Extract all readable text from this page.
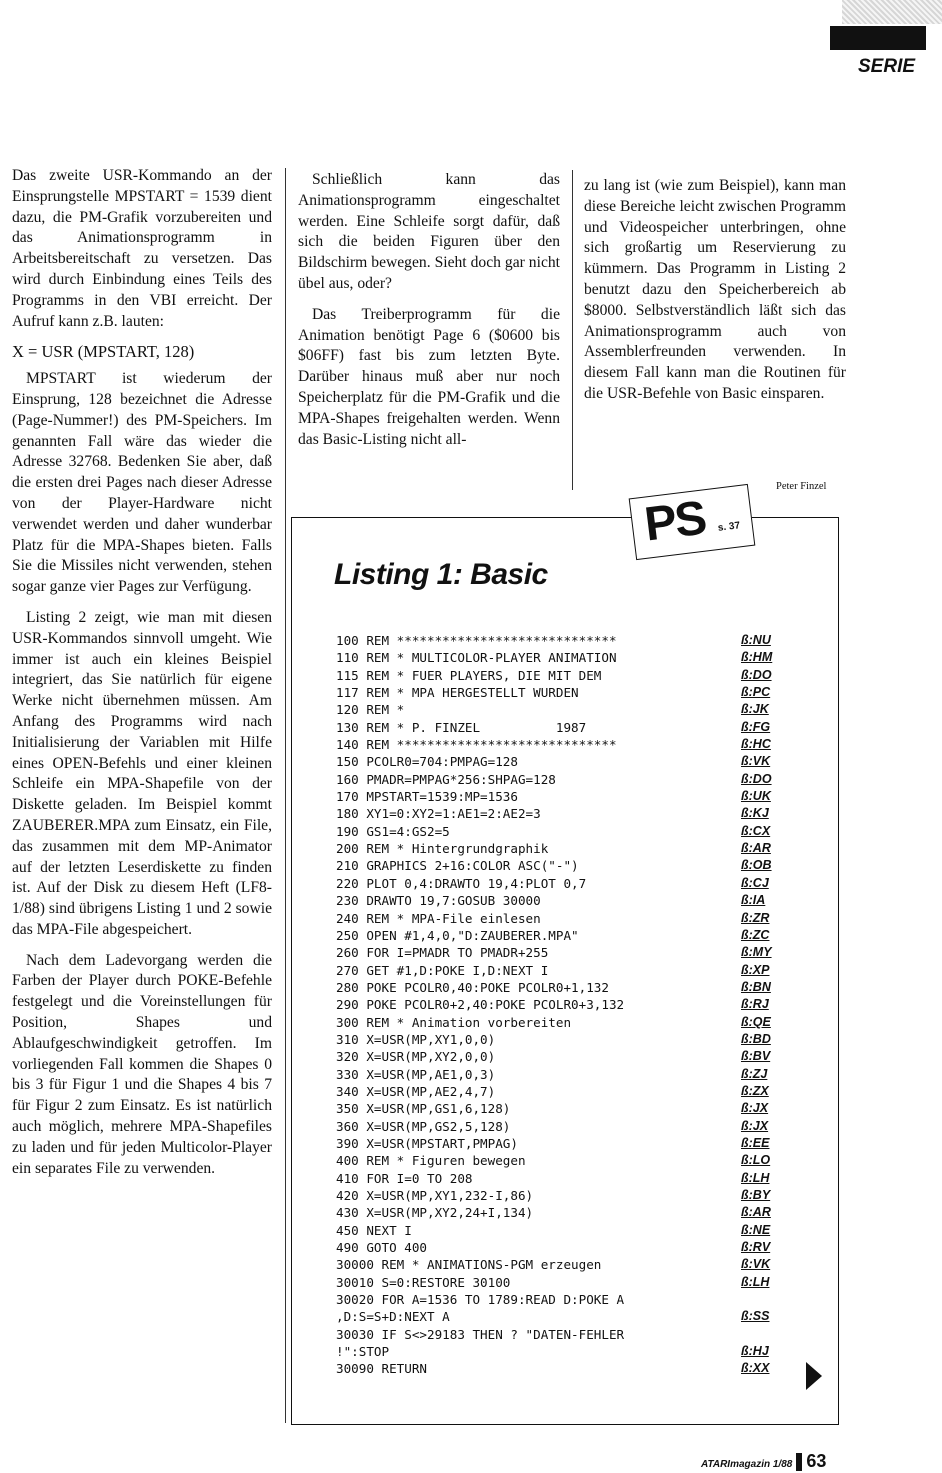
SERIE

Das zweite USR-Kommando an der Einsprungstelle MPSTART = 1539 dient dazu, die PM-Grafik vorzubereiten und das Animationsprogramm in Arbeitsbereitschaft zu versetzen. Das wird durch Einbindung eines Teils des Programms in den VBI erreicht. Der Aufruf kann z.B. lauten:

X = USR (MPSTART, 128)

MPSTART ist wiederum der Einsprung, 128 bezeichnet die Adresse (Page-Nummer!) des PM-Speichers. Im genannten Fall wäre das wieder die Adresse 32768. Bedenken Sie aber, daß die ersten drei Pages nach dieser Adresse von der Player-Hardware nicht verwendet werden und daher wunderbar Platz für die MPA-Shapes bieten. Falls Sie die Missiles nicht verwenden, stehen sogar ganze vier Pages zur Verfügung.

Listing 2 zeigt, wie man mit diesen USR-Kommandos sinnvoll umgeht. Wie immer ist auch ein kleines Beispiel integriert, das Sie natürlich für eigene Werke nicht übernehmen müssen. Am Anfang des Programms wird nach Initialisierung der Variablen mit Hilfe eines OPEN-Befehls und einer kleinen Schleife ein MPA-Shapefile von der Diskette geladen. Im Beispiel kommt ZAUBERER.MPA zum Einsatz, ein File, das zusammen mit dem MP-Animator auf der letzten Leserdiskette zu finden ist. Auf der Disk zu diesem Heft (LF8-1/88) sind übrigens Listing 1 und 2 sowie das MPA-File abgespeichert.

Nach dem Ladevorgang werden die Farben der Player durch POKE-Befehle festgelegt und die Voreinstellungen für Position, Shapes und Ablaufgeschwindigkeit getroffen. Im vorliegenden Fall kommen die Shapes 0 bis 3 für Figur 1 und die Shapes 4 bis 7 für Figur 2 zum Einsatz. Es ist natürlich auch möglich, mehrere MPA-Shapefiles zu laden und für jeden Multicolor-Player ein separates File zu verwenden.

Schließlich kann das Animationsprogramm eingeschaltet werden. Eine Schleife sorgt dafür, daß sich die beiden Figuren über den Bildschirm bewegen. Sieht doch gar nicht übel aus, oder?

Das Treiberprogramm für die Animation benötigt Page 6 ($0600 bis $06FF) fast bis zum letzten Byte. Darüber hinaus muß aber nur noch Speicherplatz für die PM-Grafik und die MPA-Shapes freigehalten werden. Wenn das Basic-Listing nicht all-

zu lang ist (wie zum Beispiel), kann man diese Bereiche leicht zwischen Programm und Videospeicher unterbringen, ohne sich großartig um Reservierung zu kümmern. Das Programm in Listing 2 benutzt dazu den Speicherbereich ab $8000. Selbstverständlich läßt sich das Animationsprogramm auch von Assemblerfreunden verwenden. In diesem Fall kann man die Routinen für die USR-Befehle von Basic einsparen.

Peter Finzel
PS s. 37
Listing 1: Basic
100 REM *****************************	ß:NU
110 REM * MULTICOLOR-PLAYER ANIMATION	ß:HM
115 REM * FUER PLAYERS, DIE MIT DEM	ß:DO
117 REM * MPA HERGESTELLT WURDEN	ß:PC
120 REM *	ß:JK
130 REM * P. FINZEL          1987	ß:FG
140 REM *****************************	ß:HC
150 PCOLR0=704:PMPAG=128	ß:VK
160 PMADR=PMPAG*256:SHPAG=128	ß:DO
170 MPSTART=1539:MP=1536	ß:UK
180 XY1=0:XY2=1:AE1=2:AE2=3	ß:KJ
190 GS1=4:GS2=5	ß:CX
200 REM * Hintergrundgraphik	ß:AR
210 GRAPHICS 2+16:COLOR ASC("-")	ß:OB
220 PLOT 0,4:DRAWTO 19,4:PLOT 0,7	ß:CJ
230 DRAWTO 19,7:GOSUB 30000	ß:IA
240 REM * MPA-File einlesen	ß:ZR
250 OPEN #1,4,0,"D:ZAUBERER.MPA"	ß:ZC
260 FOR I=PMADR TO PMADR+255	ß:MY
270 GET #1,D:POKE I,D:NEXT I	ß:XP
280 POKE PCOLR0,40:POKE PCOLR0+1,132	ß:BN
290 POKE PCOLR0+2,40:POKE PCOLR0+3,132	ß:RJ
300 REM * Animation vorbereiten	ß:QE
310 X=USR(MP,XY1,0,0)	ß:BD
320 X=USR(MP,XY2,0,0)	ß:BV
330 X=USR(MP,AE1,0,3)	ß:ZJ
340 X=USR(MP,AE2,4,7)	ß:ZX
350 X=USR(MP,GS1,6,128)	ß:JX
360 X=USR(MP,GS2,5,128)	ß:JX
390 X=USR(MPSTART,PMPAG)	ß:EE
400 REM * Figuren bewegen	ß:LO
410 FOR I=0 TO 208	ß:LH
420 X=USR(MP,XY1,232-I,86)	ß:BY
430 X=USR(MP,XY2,24+I,134)	ß:AR
450 NEXT I	ß:NE
490 GOTO 400	ß:RV
30000 REM * ANIMATIONS-PGM erzeugen	ß:VK
30010 S=0:RESTORE 30100	ß:LH
30020 FOR A=1536 TO 1789:READ D:POKE A
,D:S=S+D:NEXT A	ß:SS
30030 IF S<>29183 THEN ? "DATEN-FEHLER
!":STOP	ß:HJ
30090 RETURN	ß:XX
ATARImagazin 1/88 63
